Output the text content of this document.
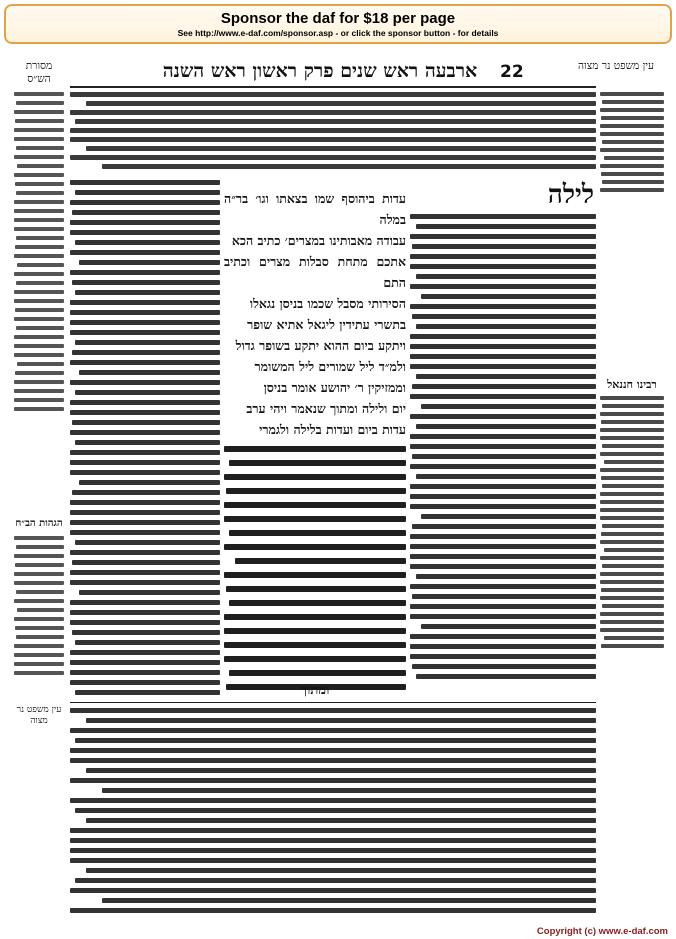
Sponsor the daf for $18 per page
See http://www.e-daf.com/sponsor.asp - or click the sponsor button - for details
עין משפט נר מצוה
22
ארבעה ראש שנים פרק ראשון ראש השנה
מסורת הש״ס
רבינו חננאל
הגהות הב״ח
עין משפט נר מצוה
לילה
עדות ביהוסף שמו בצאתו וגו׳ בר״ה במלה
עבודה מאבותינו במצרים׳ כתיב הכא
אתכם מתחת סבלות מצרים וכתיב התם
הסירותי מסבל שכמו בניסן נגאלו
בתשרי עתידין ליגאל אתיא שופר
ויתקע ביום ההוא יתקע בשופר גדול
ולמ״ד ליל שמורים ליל המשומר
וממזיקין ר׳ יהושע אומר בניסן
יום ולילה ומתוך שנאמר ויהי ערב
עדות ביום ועדות בלילה ולגמרי
ומתוך
Copyright (c) www.e-daf.com
